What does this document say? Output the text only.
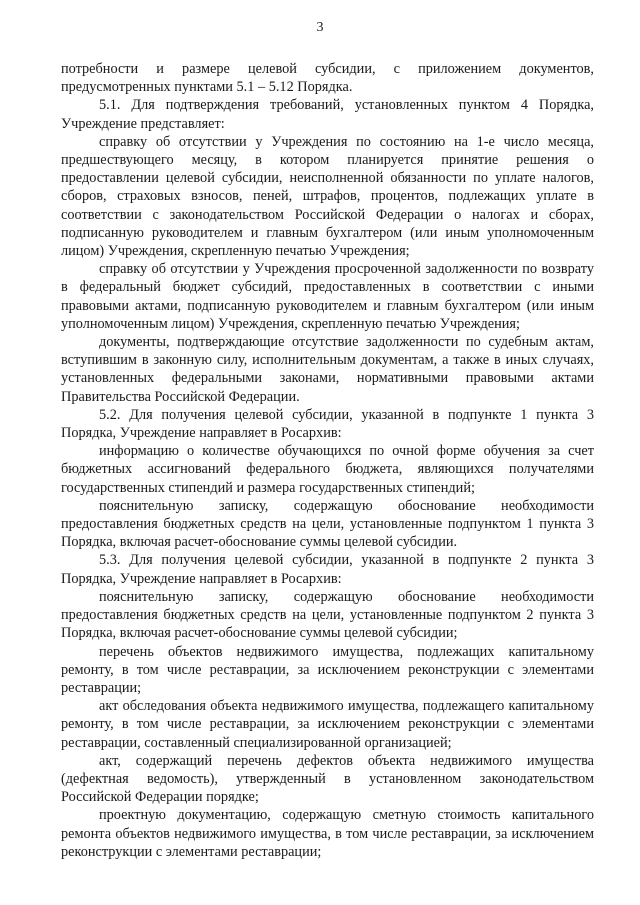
3

потребности и размере целевой субсидии, с приложением документов, предусмотренных пунктами 5.1 – 5.12 Порядка.

5.1. Для подтверждения требований, установленных пунктом 4 Порядка, Учреждение представляет:

справку об отсутствии у Учреждения по состоянию на 1-е число месяца, предшествующего месяцу, в котором планируется принятие решения о предоставлении целевой субсидии, неисполненной обязанности по уплате налогов, сборов, страховых взносов, пеней, штрафов, процентов, подлежащих уплате в соответствии с законодательством Российской Федерации о налогах и сборах, подписанную руководителем и главным бухгалтером (или иным уполномоченным лицом) Учреждения, скрепленную печатью Учреждения;

справку об отсутствии у Учреждения просроченной задолженности по возврату в федеральный бюджет субсидий, предоставленных в соответствии с иными правовыми актами, подписанную руководителем и главным бухгалтером (или иным уполномоченным лицом) Учреждения, скрепленную печатью Учреждения;

документы, подтверждающие отсутствие задолженности по судебным актам, вступившим в законную силу, исполнительным документам, а также в иных случаях, установленных федеральными законами, нормативными правовыми актами Правительства Российской Федерации.

5.2. Для получения целевой субсидии, указанной в подпункте 1 пункта 3 Порядка, Учреждение направляет в Росархив:

информацию о количестве обучающихся по очной форме обучения за счет бюджетных ассигнований федерального бюджета, являющихся получателями государственных стипендий и размера государственных стипендий;

пояснительную записку, содержащую обоснование необходимости предоставления бюджетных средств на цели, установленные подпунктом 1 пункта 3 Порядка, включая расчет-обоснование суммы целевой субсидии.

5.3. Для получения целевой субсидии, указанной в подпункте 2 пункта 3 Порядка, Учреждение направляет в Росархив:

пояснительную записку, содержащую обоснование необходимости предоставления бюджетных средств на цели, установленные подпунктом 2 пункта 3 Порядка, включая расчет-обоснование суммы целевой субсидии;

перечень объектов недвижимого имущества, подлежащих капитальному ремонту, в том числе реставрации, за исключением реконструкции с элементами реставрации;

акт обследования объекта недвижимого имущества, подлежащего капитальному ремонту, в том числе реставрации, за исключением реконструкции с элементами реставрации, составленный специализированной организацией;

акт, содержащий перечень дефектов объекта недвижимого имущества (дефектная ведомость), утвержденный в установленном законодательством Российской Федерации порядке;

проектную документацию, содержащую сметную стоимость капитального ремонта объектов недвижимого имущества, в том числе реставрации, за исключением реконструкции с элементами реставрации;
